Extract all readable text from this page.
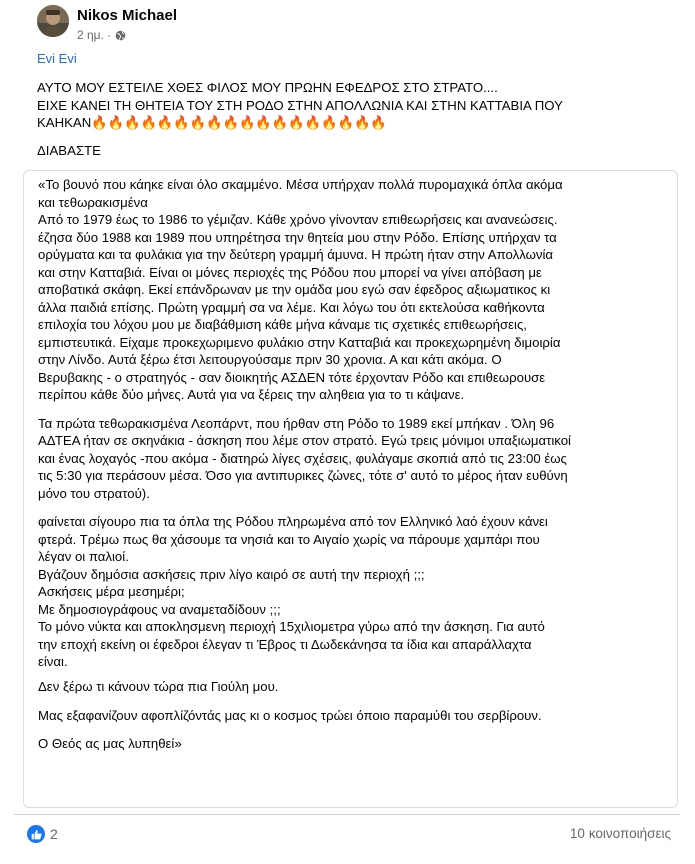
Nikos Michael
2 ημ. ·
Evi Evi
ΑΥΤΟ ΜΟΥ ΕΣΤΕΙΛΕ ΧΘΕΣ ΦΙΛΟΣ ΜΟΥ ΠΡΩΗΝ ΕΦΕΔΡΟΣ ΣΤΟ ΣΤΡΑΤΟ....
ΕΙΧΕ ΚΑΝΕΙ ΤΗ ΘΗΤΕΙΑ ΤΟΥ ΣΤΗ ΡΟΔΟ ΣΤΗΝ ΑΠΟΛΛΩΝΙΑ ΚΑΙ ΣΤΗΝ ΚΑΤΤΑΒΙΑ ΠΟΥ
ΚΑΗΚΑΝ🔥🔥🔥🔥🔥🔥🔥🔥🔥🔥🔥🔥🔥🔥🔥🔥🔥🔥
ΔΙΑΒΑΣΤΕ
«Το βουνό που κάηκε είναι όλο σκαμμένο. Μέσα υπήρχαν πολλά πυρομαχικά όπλα ακόμα
και τεθωρακισμένα
Από το 1979 έως το 1986 το γέμιζαν. Κάθε χρόνο γίνονταν επιθεωρήσεις και ανανεώσεις.
έζησα δύο 1988 και 1989 που υπηρέτησα την θητεία μου στην Ρόδο. Επίσης υπήρχαν τα
ορύγματα και τα φυλάκια για την δεύτερη γραμμή άμυνα. Η πρώτη ήταν στην Απολλωνία
και στην Κατταβιά. Είναι οι μόνες περιοχές της Ρόδου που μπορεί να γίνει απόβαση με
αποβατικά σκάφη. Εκεί επάνδρωναν με την ομάδα μου εγώ σαν έφεδρος αξιωματικος κι
άλλα παιδιά επίσης. Πρώτη γραμμή σα να λέμε. Και λόγω του ότι εκτελούσα καθήκοντα
επιλοχία του λόχου μου με διαβάθμιση κάθε μήνα κάναμε τις σχετικές επιθεωρήσεις,
εμπιστευτικά. Είχαμε προκεχωριμενο φυλάκιο στην Κατταβιά και προκεχωρημένη διμοιρία
στην Λίνδο. Αυτά ξέρω έτσι λειτουργούσαμε πριν 30 χρονια. Α και κάτι ακόμα. Ο
Βερυβακης - ο στρατηγός - σαν διοικητής ΑΣΔΕΝ τότε έρχονταν Ρόδο και επιθεωρουσε
περίπου κάθε δύο μήνες. Αυτά για να ξέρεις την αληθεια για το τι κάψανε.
Τα πρώτα τεθωρακισμένα Λεοπάρντ, που ήρθαν στη Ρόδο το 1989 εκεί μπήκαν . Όλη 96
ΑΔΤΕΑ ήταν σε σκηνάκια - άσκηση που λέμε στον στρατό. Εγώ τρεις μόνιμοι υπαξιωματικοί
και ένας λοχαγός -που ακόμα - διατηρώ λίγες σχέσεις, φυλάγαμε σκοπιά από τις 23:00 έως
τις 5:30 για περάσουν μέσα. Όσο για αντιπυρικες ζώνες, τότε σ' αυτό το μέρος ήταν ευθύνη
μόνο του στρατού).
φαίνεται σίγουρο πια τα όπλα της Ρόδου πληρωμένα από τον Ελληνικό λαό έχουν κάνει
φτερά. Τρέμω πως θα χάσουμε τα νησιά και το Αιγαίο χωρίς να πάρουμε χαμπάρι που
λέγαν οι παλιοί.
Βγάζουν δημόσια ασκήσεις πριν λίγο καιρό σε αυτή την περιοχή ;;;
Ασκήσεις μέρα μεσημέρι;
Με δημοσιογράφους να αναμεταδίδουν ;;;
Το μόνο νύκτα και αποκλησμενη περιοχή 15χιλιομετρα γύρω από την άσκηση. Για αυτό
την εποχή εκείνη οι έφεδροι έλεγαν τι Έβρος τι Δωδεκάνησα τα ίδια και απαράλλαχτα
είναι.
Δεν ξέρω τι κάνουν τώρα πια Γιούλη μου.
Μας εξαφανίζουν αφοπλίζόντάς μας κι ο κοσμος τρώει όποιο παραμύθι του σερβίρουν.
Ο Θεός ας μας λυπηθεί»
2	10 κοινοποιήσεις
